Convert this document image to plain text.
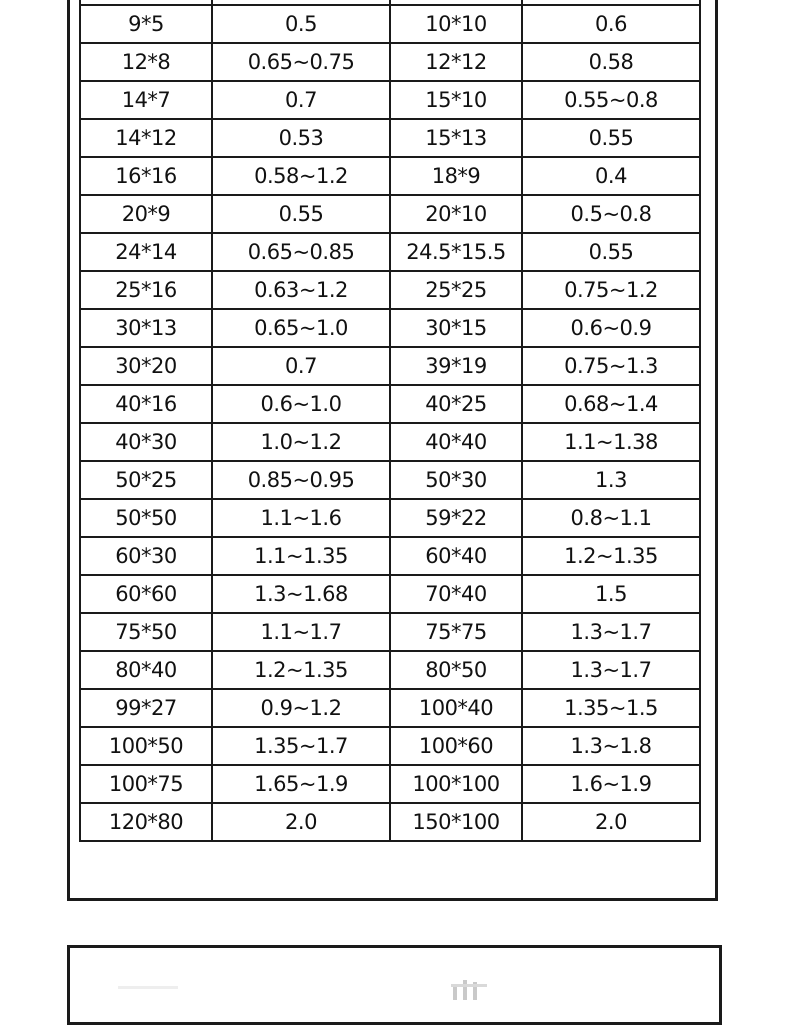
9*5	0.5	10*10	0.6
12*8	0.65~0.75	12*12	0.58
14*7	0.7	15*10	0.55~0.8
14*12	0.53	15*13	0.55
16*16	0.58~1.2	18*9	0.4
20*9	0.55	20*10	0.5~0.8
24*14	0.65~0.85	24.5*15.5	0.55
25*16	0.63~1.2	25*25	0.75~1.2
30*13	0.65~1.0	30*15	0.6~0.9
30*20	0.7	39*19	0.75~1.3
40*16	0.6~1.0	40*25	0.68~1.4
40*30	1.0~1.2	40*40	1.1~1.38
50*25	0.85~0.95	50*30	1.3
50*50	1.1~1.6	59*22	0.8~1.1
60*30	1.1~1.35	60*40	1.2~1.35
60*60	1.3~1.68	70*40	1.5
75*50	1.1~1.7	75*75	1.3~1.7
80*40	1.2~1.35	80*50	1.3~1.7
99*27	0.9~1.2	100*40	1.35~1.5
100*50	1.35~1.7	100*60	1.3~1.8
100*75	1.65~1.9	100*100	1.6~1.9
120*80	2.0	150*100	2.0
